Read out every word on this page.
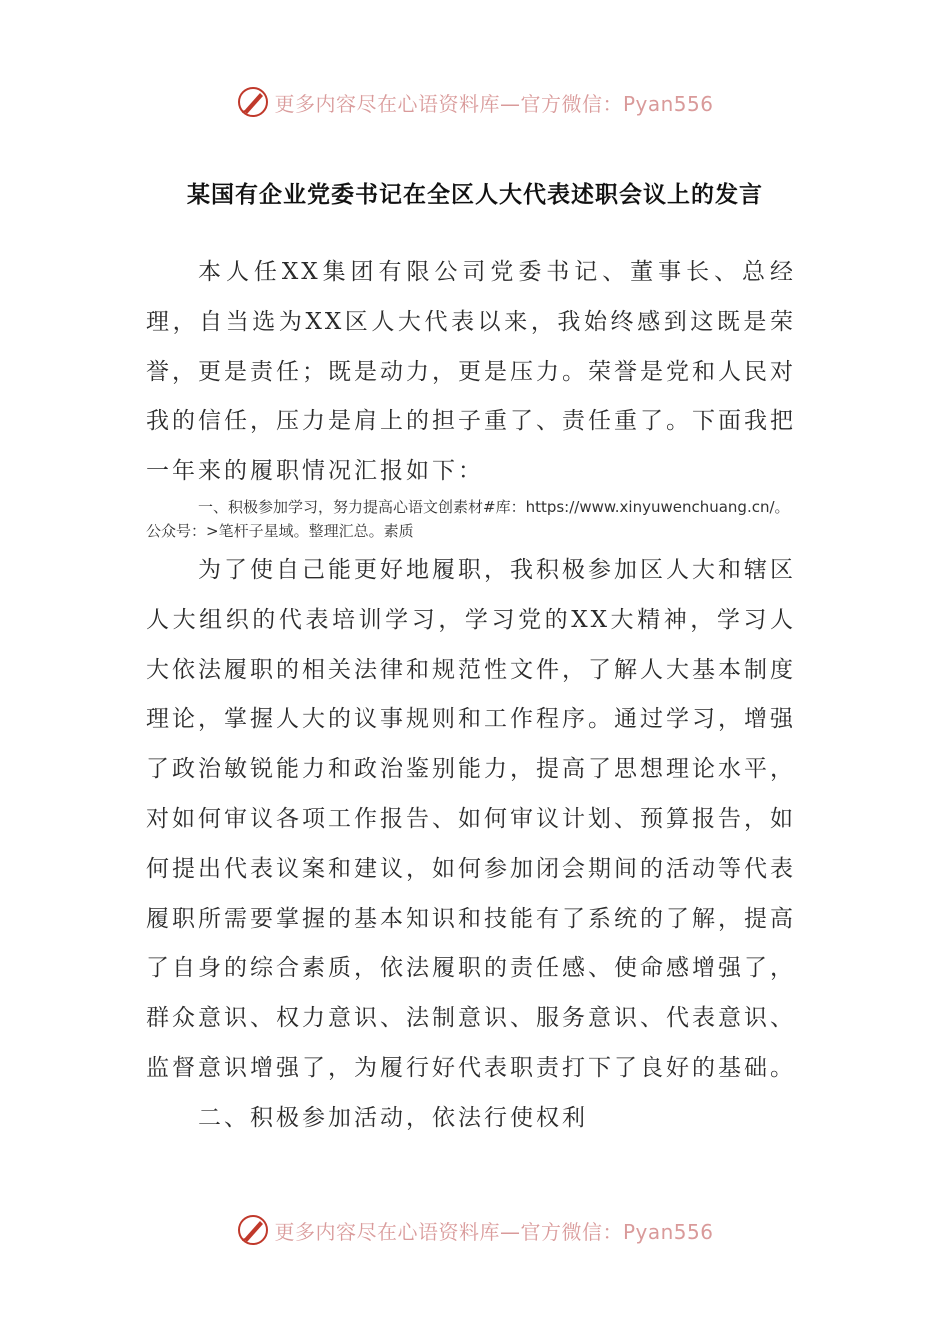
更多内容尽在心语资料库—官方微信：Pyan556
某国有企业党委书记在全区人大代表述职会议上的发言
本人任XX集团有限公司党委书记、董事长、总经理，自当选为XX区人大代表以来，我始终感到这既是荣誉，更是责任；既是动力，更是压力。荣誉是党和人民对我的信任，压力是肩上的担子重了、责任重了。下面我把一年来的履职情况汇报如下：
一、积极参加学习，努力提高心语文创素材#库：https://www.xinyuwenchuang.cn/。公众号：>笔杆子星域。整理汇总。素质
为了使自己能更好地履职，我积极参加区人大和辖区人大组织的代表培训学习，学习党的XX大精神，学习人大依法履职的相关法律和规范性文件，了解人大基本制度理论，掌握人大的议事规则和工作程序。通过学习，增强了政治敏锐能力和政治鉴别能力，提高了思想理论水平，对如何审议各项工作报告、如何审议计划、预算报告，如何提出代表议案和建议，如何参加闭会期间的活动等代表履职所需要掌握的基本知识和技能有了系统的了解，提高了自身的综合素质，依法履职的责任感、使命感增强了，群众意识、权力意识、法制意识、服务意识、代表意识、监督意识增强了，为履行好代表职责打下了良好的基础。
二、积极参加活动，依法行使权利
更多内容尽在心语资料库—官方微信：Pyan556
